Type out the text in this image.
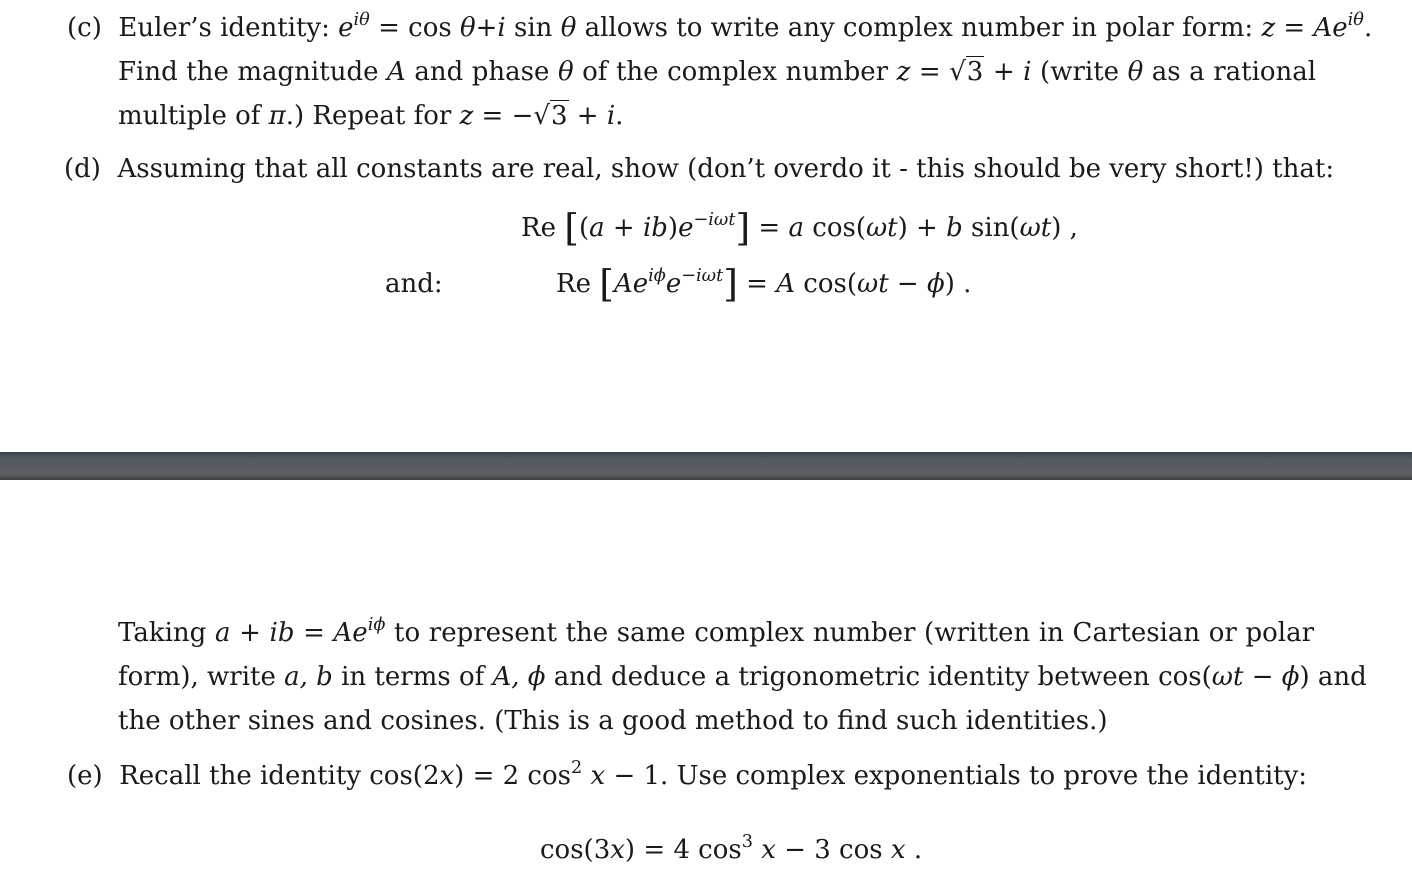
(c) Euler’s identity: $e^{i\theta} = \cos \theta+i$ sin θ allows to write any complex number in polar form: $z = Ae^{i\theta}$.
Find the magnitude A and phase θ of the complex number z = √3 + i (write θ as a rational
multiple of π.) Repeat for z = −√3 + i.
(d) Assuming that all constants are real, show (don’t overdo it - this should be very short!) that:
Re $[(a + ib)e^{-i\omega t}] = a$ cos(ωt) + b sin(ωt) ,
and:	Re $[Ae^{i\phi}e^{-i\omega t}] = A$ cos(ωt − ϕ) .
Taking a + ib = $Ae^{i\phi}$ to represent the same complex number (written in Cartesian or polar
form), write a, b in terms of A, ϕ and deduce a trigonometric identity between cos(ωt − ϕ) and
the other sines and cosines. (This is a good method to find such identities.)
(e) Recall the identity cos(2x) = 2 $\cos^2 x - 1$. Use complex exponentials to prove the identity:
cos(3x) = 4 $\cos^3 x - 3$ cos x .
